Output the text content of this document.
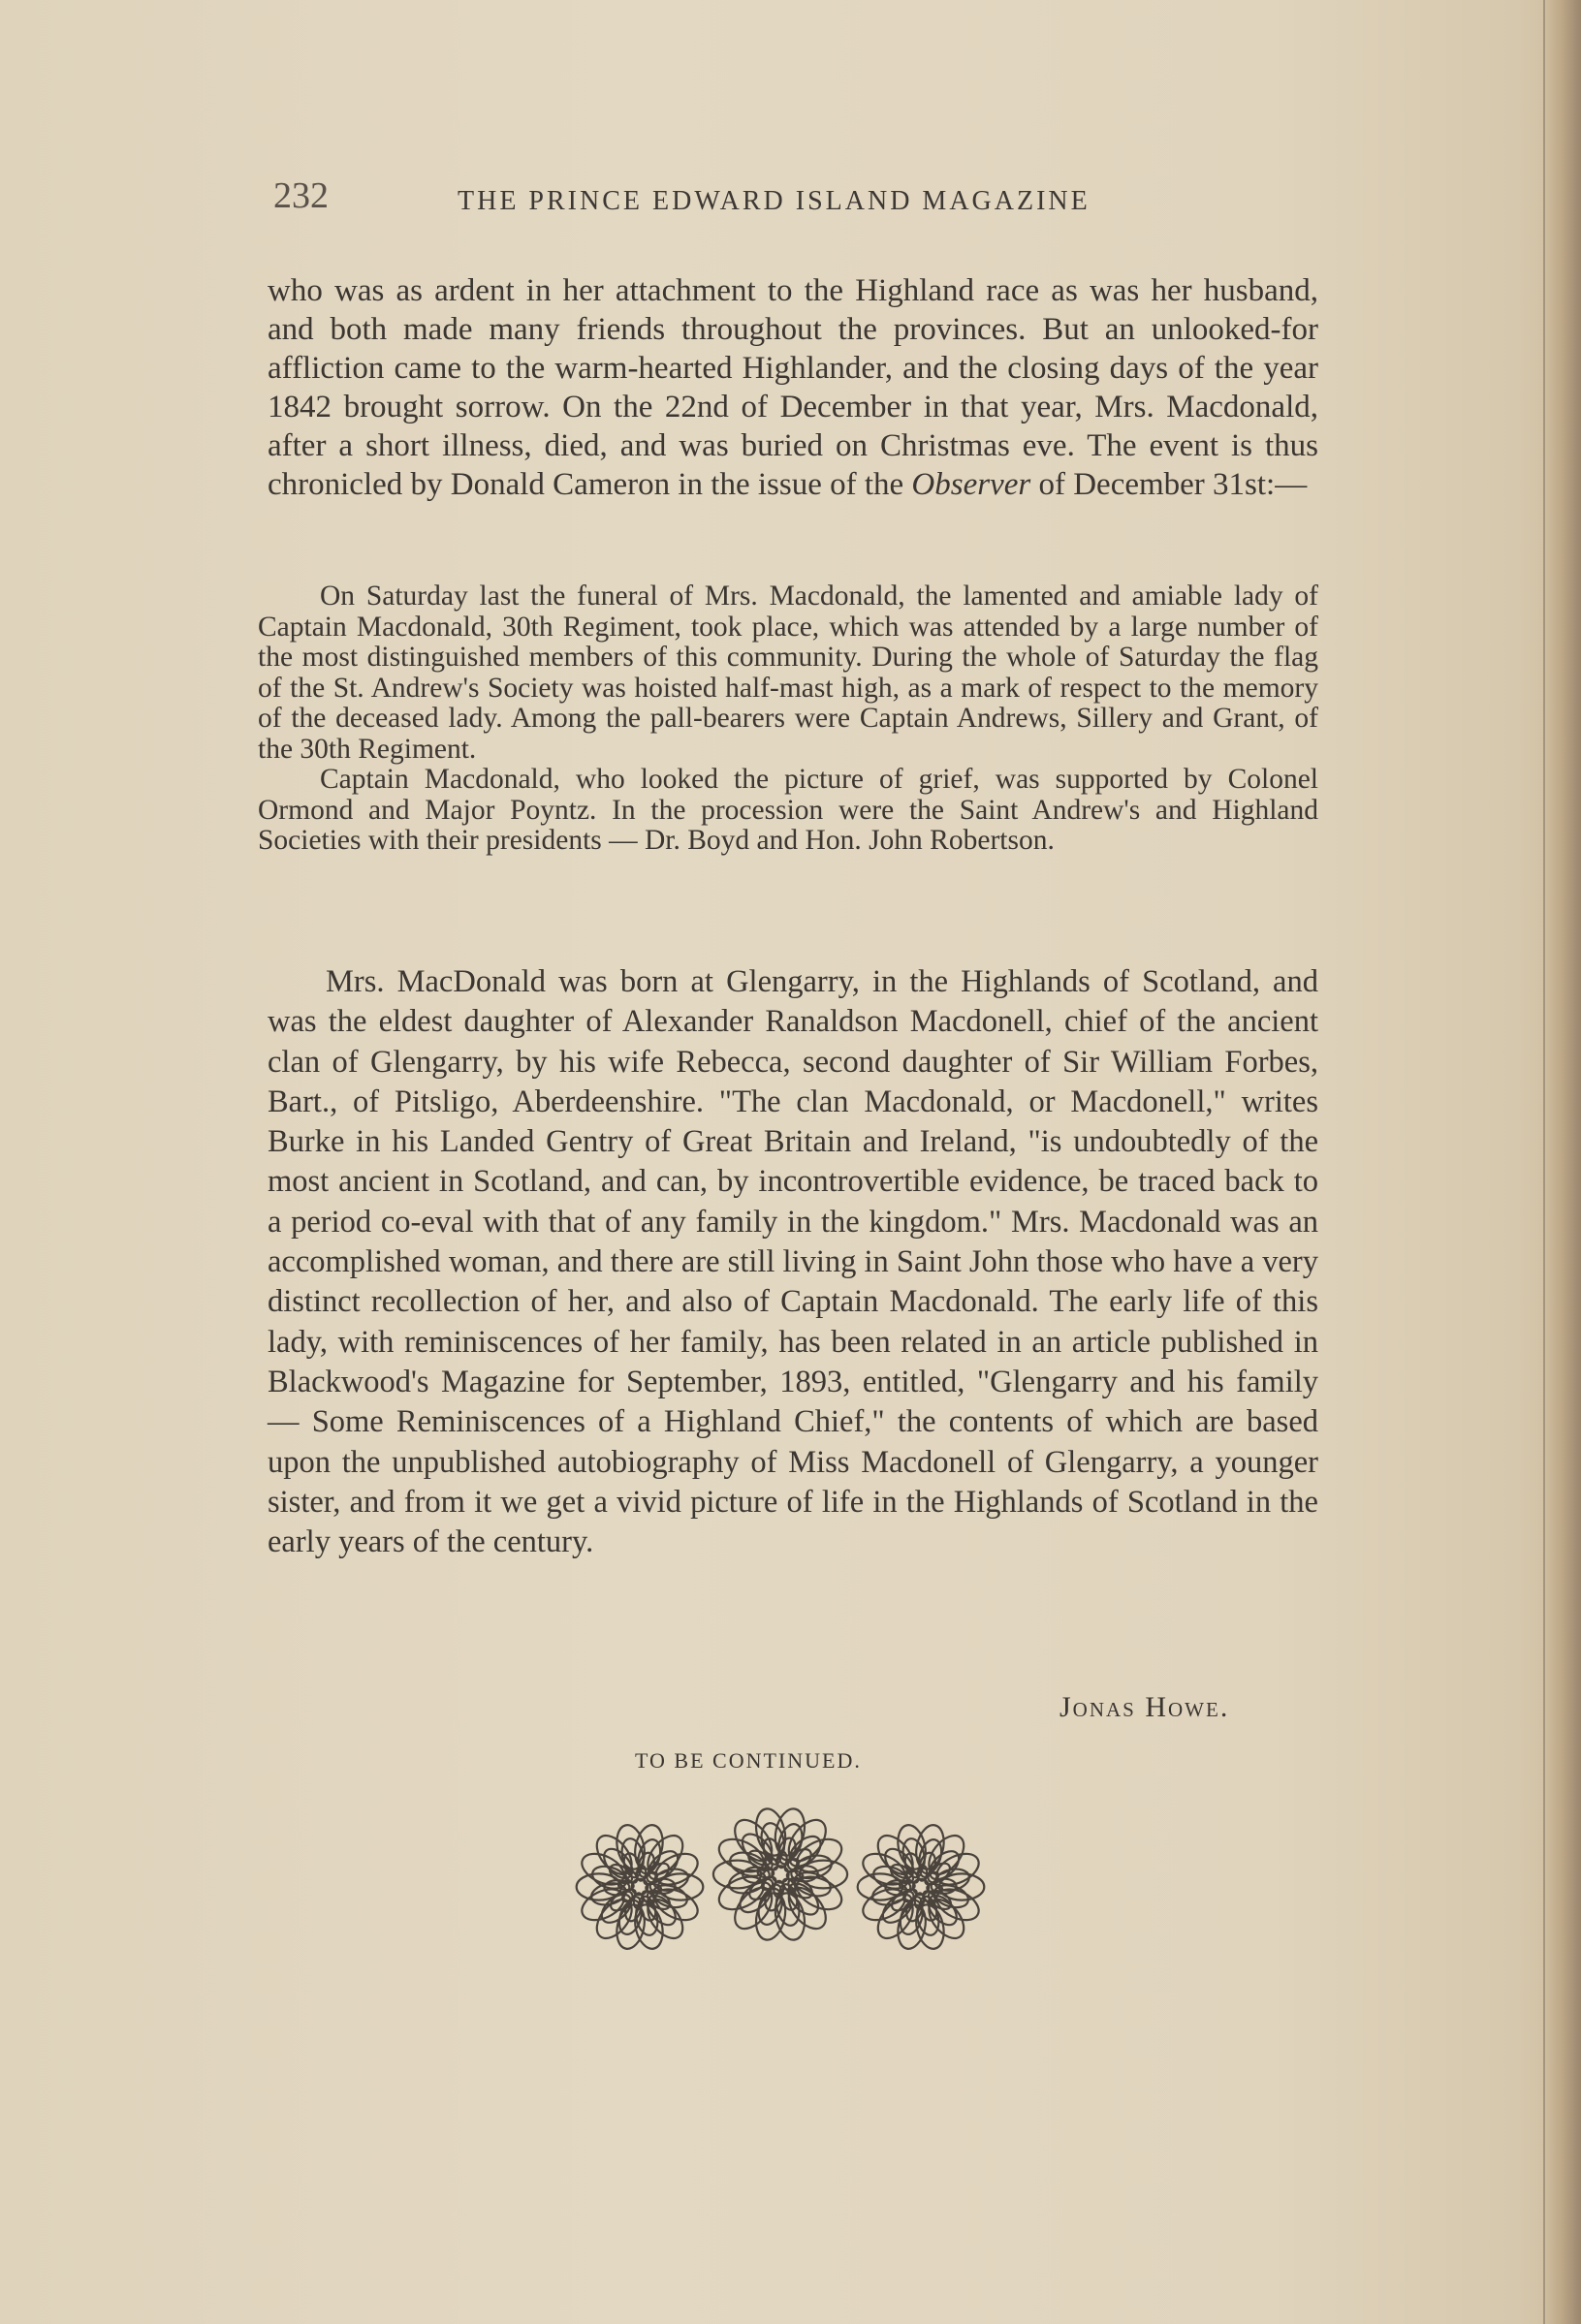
232	THE PRINCE EDWARD ISLAND MAGAZINE

who was as ardent in her attachment to the Highland race as was her husband, and both made many friends throughout the provinces. But an unlooked-for affliction came to the warm-hearted Highlander, and the closing days of the year 1842 brought sorrow. On the 22nd of December in that year, Mrs. Macdonald, after a short illness, died, and was buried on Christmas eve. The event is thus chronicled by Donald Cameron in the issue of the Observer of December 31st:—

On Saturday last the funeral of Mrs. Macdonald, the lamented and amiable lady of Captain Macdonald, 30th Regiment, took place, which was attended by a large number of the most distinguished members of this community. During the whole of Saturday the flag of the St. Andrew's Society was hoisted half-mast high, as a mark of respect to the memory of the deceased lady. Among the pall-bearers were Captain Andrews, Sillery and Grant, of the 30th Regiment.

Captain Macdonald, who looked the picture of grief, was supported by Colonel Ormond and Major Poyntz. In the procession were the Saint Andrew's and Highland Societies with their presidents — Dr. Boyd and Hon. John Robertson.

Mrs. MacDonald was born at Glengarry, in the Highlands of Scotland, and was the eldest daughter of Alexander Ranaldson Macdonell, chief of the ancient clan of Glengarry, by his wife Rebecca, second daughter of Sir William Forbes, Bart., of Pitsligo, Aberdeenshire. "The clan Macdonald, or Macdonell," writes Burke in his Landed Gentry of Great Britain and Ireland, "is undoubtedly of the most ancient in Scotland, and can, by incontrovertible evidence, be traced back to a period co-eval with that of any family in the kingdom." Mrs. Macdonald was an accomplished woman, and there are still living in Saint John those who have a very distinct recollection of her, and also of Captain Macdonald. The early life of this lady, with reminiscences of her family, has been related in an article published in Blackwood's Magazine for September, 1893, entitled, "Glengarry and his family — Some Reminiscences of a Highland Chief," the contents of which are based upon the unpublished autobiography of Miss Macdonell of Glengarry, a younger sister, and from it we get a vivid picture of life in the Highlands of Scotland in the early years of the century.

Jonas Howe.
TO BE CONTINUED.
